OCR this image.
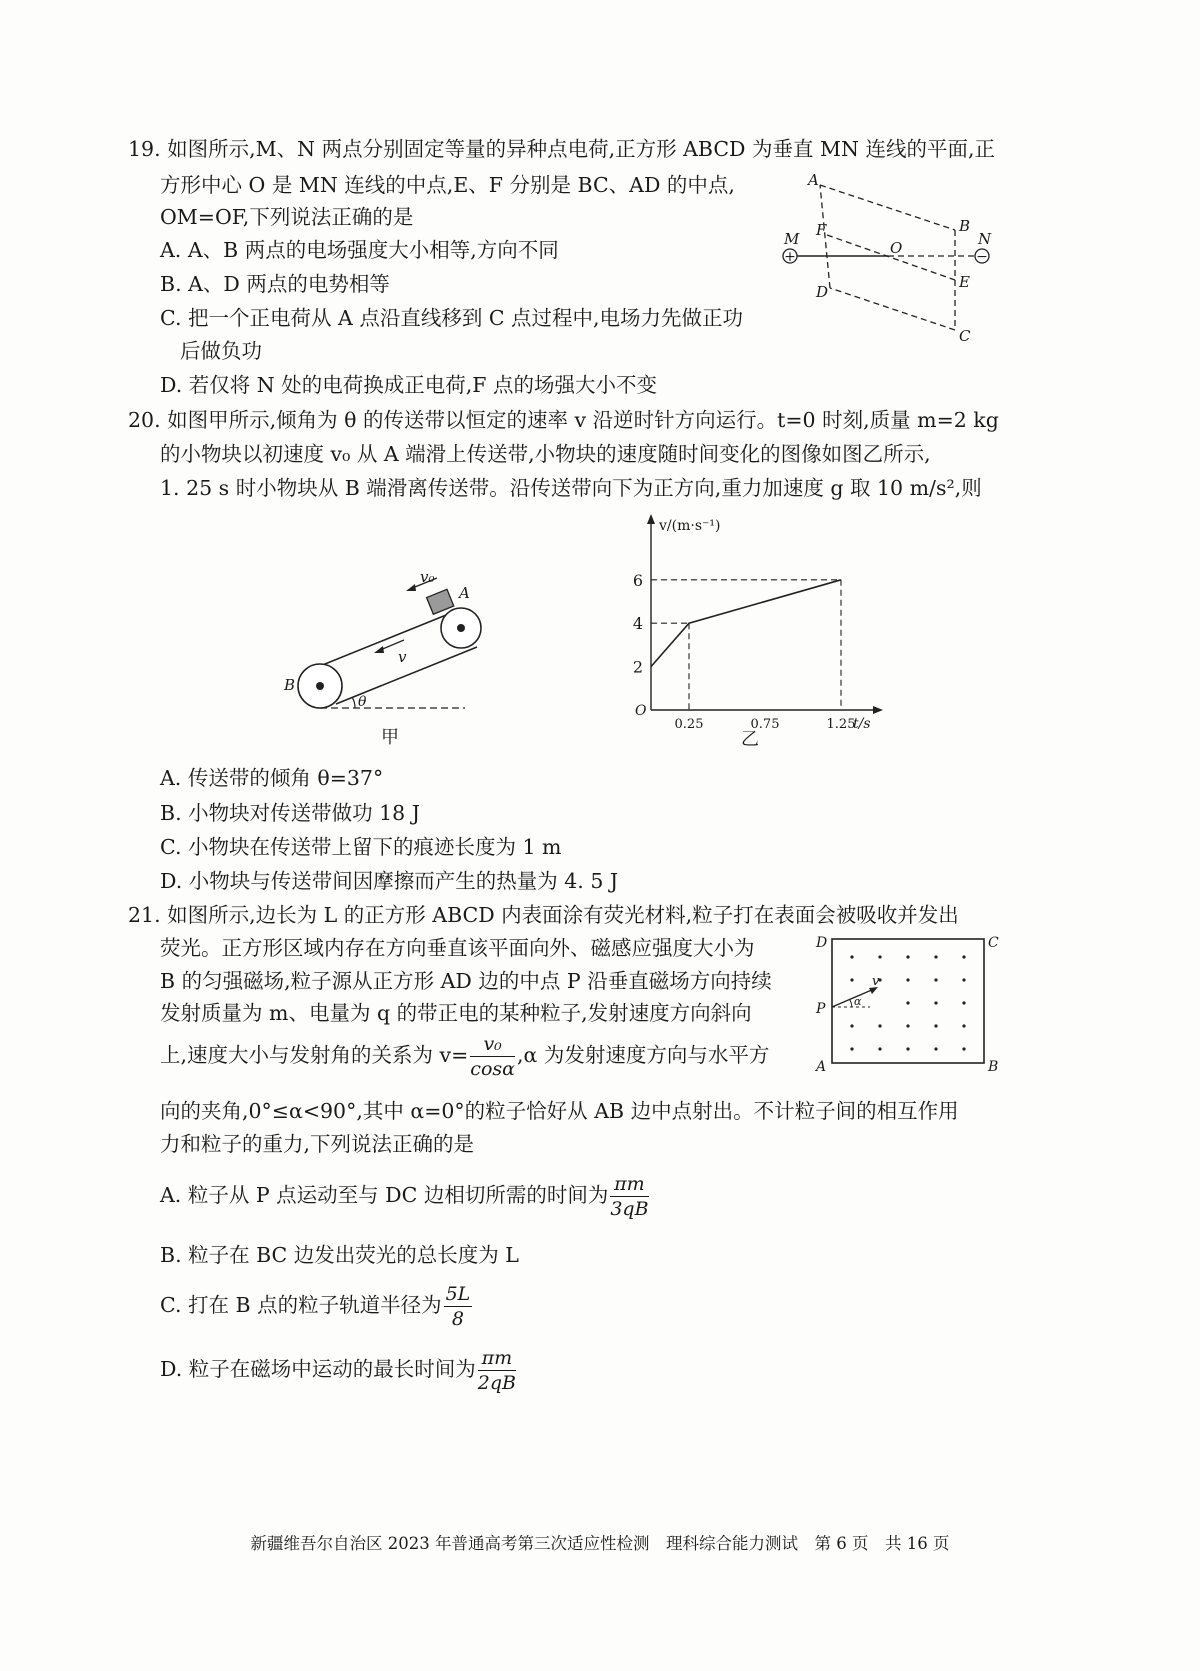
19. 如图所示,M、N 两点分别固定等量的异种点电荷,正方形 ABCD 为垂直 MN 连线的平面,正
方形中心 O 是 MN 连线的中点,E、F 分别是 BC、AD 的中点,
OM=OF,下列说法正确的是
A. A、B 两点的电场强度大小相等,方向不同
B. A、D 两点的电势相等
C. 把一个正电荷从 A 点沿直线移到 C 点过程中,电场力先做正功
后做负功
D. 若仅将 N 处的电荷换成正电荷,F 点的场强大小不变
+	−
A
B
C
D
E
F
O
M	N
20. 如图甲所示,倾角为 θ 的传送带以恒定的速率 v 沿逆时针方向运行。t=0 时刻,质量 m=2 kg
的小物块以初速度 v₀ 从 A 端滑上传送带,小物块的速度随时间变化的图像如图乙所示,
1. 25 s 时小物块从 B 端滑离传送带。沿传送带向下为正方向,重力加速度 g 取 10 m/s²,则
v₀
A
B
v
θ
甲
v/(m·s⁻¹)
t/s
O
0.25	0.75	1.25
2
4
6
乙
A. 传送带的倾角 θ=37°
B. 小物块对传送带做功 18 J
C. 小物块在传送带上留下的痕迹长度为 1 m
D. 小物块与传送带间因摩擦而产生的热量为 4. 5 J
21. 如图所示,边长为 L 的正方形 ABCD 内表面涂有荧光材料,粒子打在表面会被吸收并发出
荧光。正方形区域内存在方向垂直该平面向外、磁感应强度大小为
B 的匀强磁场,粒子源从正方形 AD 边的中点 P 沿垂直磁场方向持续
发射质量为 m、电量为 q 的带正电的某种粒子,发射速度方向斜向
上,速度大小与发射角的关系为 $v= \frac{\text{v₀}}{\cos\alpha} ,\alpha$ 为发射速度方向与水平方
向的夹角,0°≤α<90°,其中 α=0°的粒子恰好从 AB 边中点射出。不计粒子间的相互作用
力和粒子的重力,下列说法正确的是
A. 粒子从 P 点运动至与 DC 边相切所需的时间为 $\frac{\pi m}{3qB}$
B. 粒子在 BC 边发出荧光的总长度为 L
C. 打在 B 点的粒子轨道半径为 $\frac{5L}{8}$
D. 粒子在磁场中运动的最长时间为 $\frac{\pi m}{2qB}$
v
α
D	C
A	B
P
新疆维吾尔自治区 2023 年普通高考第三次适应性检测　理科综合能力测试　第 6 页　共 16 页
